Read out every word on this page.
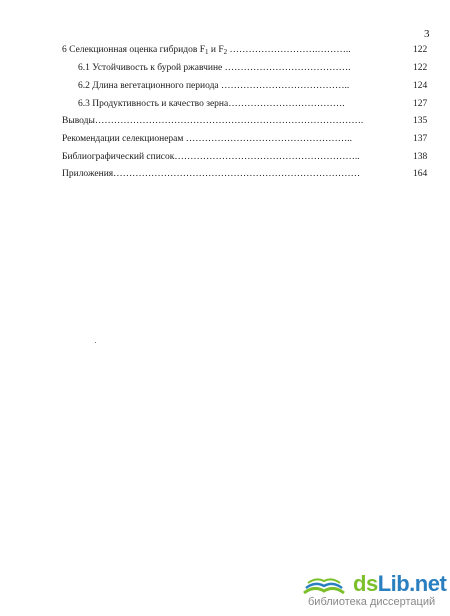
3
6 Селекционная оценка гибридов $F_1$ и $F_2$ ……………………….………..	122
6.1 Устойчивость к бурой ржавчине ………………………………….	122
6.2 Длина вегетационного периода …………………………………..	124
6.3 Продуктивность и качество зерна……………………………….	127
Выводы………………………………………………………………………….	135
Рекомендации селекционерам ……………………………………………..	137
Библиографический список…………………………………………………..	138
Приложения……………………………………………………………………	164
dsLib.net
библиотека диссертаций
